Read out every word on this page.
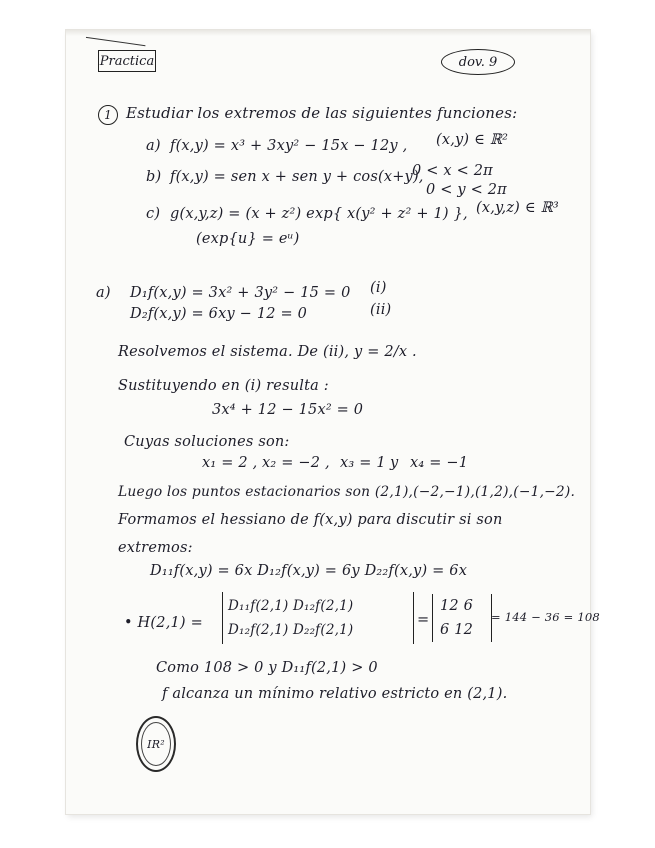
Practica	dov. 9
1 Estudiar los extremos de las siguientes funciones:
a) f(x,y) = x³ + 3xy² − 15x − 12y , (x,y) ∈ ℝ²
b) f(x,y) = sen x + sen y + cos(x+y),
0 < x < 2π
0 < y < 2π
c) g(x,y,z) = (x + z²) exp{ x(y² + z² + 1) }, (x,y,z) ∈ ℝ³
(exp{u} = eᵘ)
a) D₁f(x,y) = 3x² + 3y² − 15 = 0 (i)
D₂f(x,y) = 6xy − 12 = 0	(ii)
Resolvemos el sistema. De (ii), y = 2/x .
Sustituyendo en (i) resulta :
3x⁴ + 12 − 15x² = 0
Cuyas soluciones son:
x₁ = 2 , x₂ = −2 , x₃ = 1 y x₄ = −1
Luego los puntos estacionarios son (2,1),(−2,−1),(1,2),(−1,−2).
Formamos el hessiano de f(x,y) para discutir si son
extremos:
D₁₁f(x,y) = 6x D₁₂f(x,y) = 6y D₂₂f(x,y) = 6x
• H(2,1) =
D₁₁f(2,1) D₁₂f(2,1)
D₁₂f(2,1) D₂₂f(2,1)
=
12 6
6 12
= 144 − 36 = 108
Como 108 > 0 y D₁₁f(2,1) > 0
f alcanza un mínimo relativo estricto en (2,1).
IR²
